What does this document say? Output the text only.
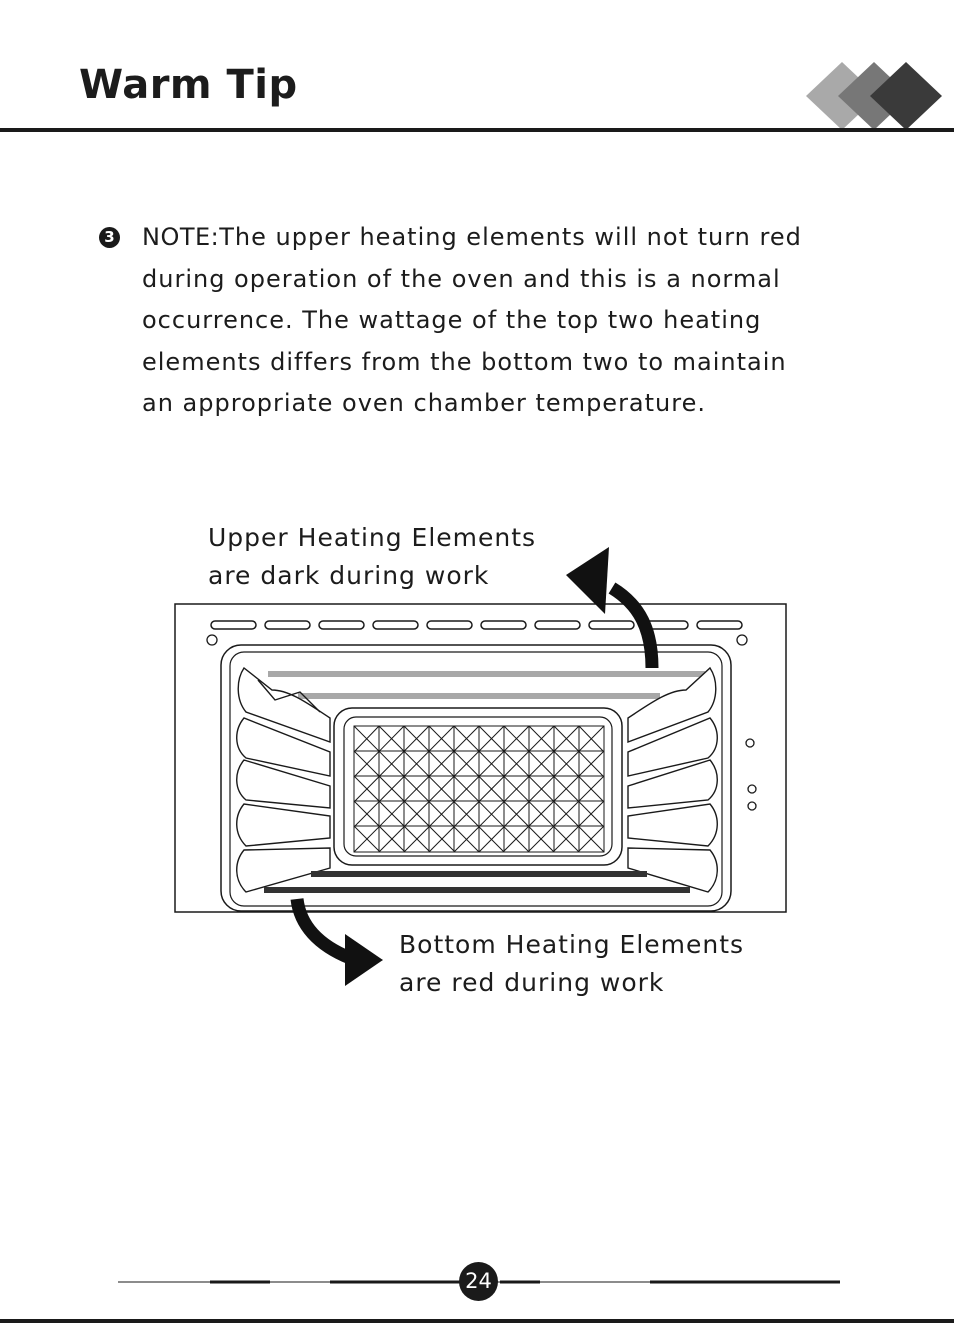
Warm Tip
3 NOTE:The upper heating elements will not turn red
during operation of the oven and this is a normal
occurrence. The wattage of the top two heating
elements differs from the bottom two to maintain
an appropriate oven chamber temperature.
Upper Heating Elements
are dark during work
Bottom Heating Elements
are red during work
24
